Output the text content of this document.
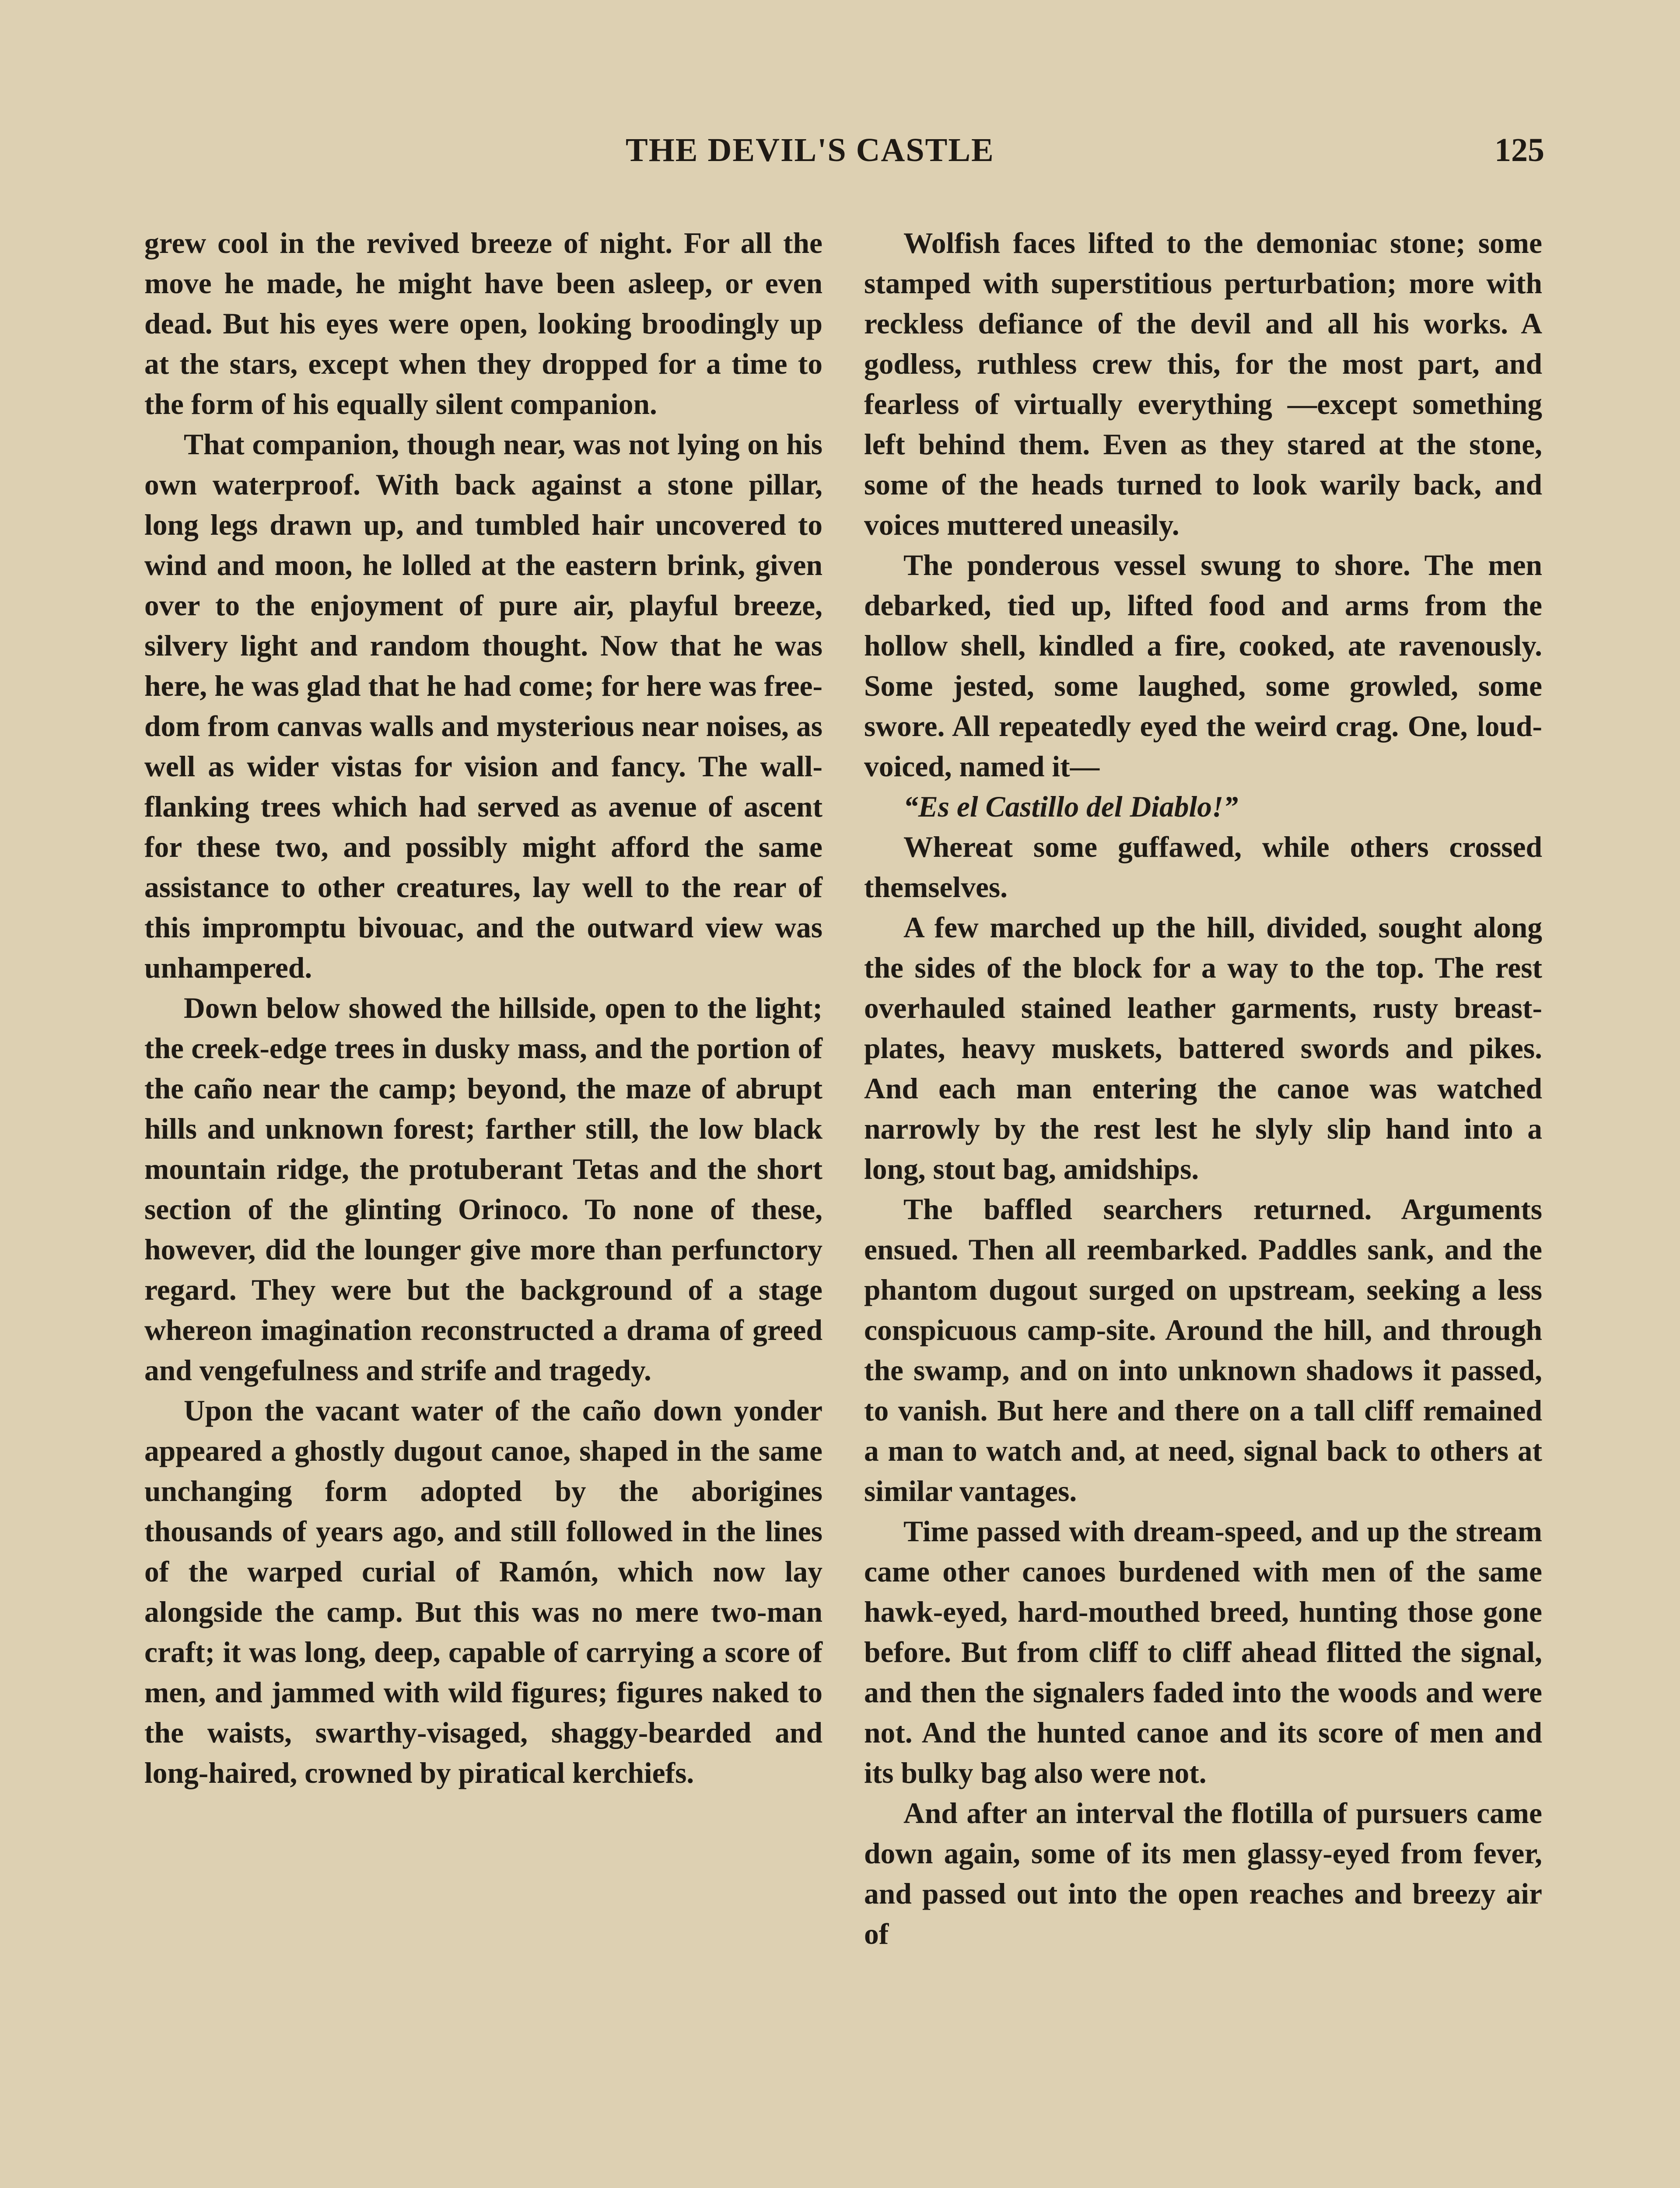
THE DEVIL'S CASTLE	125

grew cool in the revived breeze of night. For all the move he made, he might have been asleep, or even dead. But his eyes were open, looking broodingly up at the stars, except when they dropped for a time to the form of his equally silent companion.

That companion, though near, was not lying on his own waterproof. With back against a stone pillar, long legs drawn up, and tumbled hair uncovered to wind and moon, he lolled at the eastern brink, given over to the enjoyment of pure air, playful breeze, silvery light and random thought. Now that he was here, he was glad that he had come; for here was freedom from canvas walls and mysterious near noises, as well as wider vistas for vision and fancy. The wall-flanking trees which had served as avenue of ascent for these two, and possibly might afford the same assistance to other creatures, lay well to the rear of this impromptu bivouac, and the outward view was unhampered.

Down below showed the hillside, open to the light; the creek-edge trees in dusky mass, and the portion of the caño near the camp; beyond, the maze of abrupt hills and unknown forest; farther still, the low black mountain ridge, the protuberant Tetas and the short section of the glinting Orinoco. To none of these, however, did the lounger give more than perfunctory regard. They were but the background of a stage whereon imagination reconstructed a drama of greed and vengefulness and strife and tragedy.

Upon the vacant water of the caño down yonder appeared a ghostly dugout canoe, shaped in the same unchanging form adopted by the aborigines thousands of years ago, and still followed in the lines of the warped curial of Ramón, which now lay alongside the camp. But this was no mere two-man craft; it was long, deep, capable of carrying a score of men, and jammed with wild figures; figures naked to the waists, swarthy-visaged, shaggy-bearded and long-haired, crowned by piratical kerchiefs.

Wolfish faces lifted to the demoniac stone; some stamped with superstitious perturbation; more with reckless defiance of the devil and all his works. A godless, ruthless crew this, for the most part, and fearless of virtually everything —except something left behind them. Even as they stared at the stone, some of the heads turned to look warily back, and voices muttered uneasily.

The ponderous vessel swung to shore. The men debarked, tied up, lifted food and arms from the hollow shell, kindled a fire, cooked, ate ravenously. Some jested, some laughed, some growled, some swore. All repeatedly eyed the weird crag. One, loud-voiced, named it—

“Es el Castillo del Diablo!”

Whereat some guffawed, while others crossed themselves.

A few marched up the hill, divided, sought along the sides of the block for a way to the top. The rest overhauled stained leather garments, rusty breastplates, heavy muskets, battered swords and pikes. And each man entering the canoe was watched narrowly by the rest lest he slyly slip hand into a long, stout bag, amidships.

The baffled searchers returned. Arguments ensued. Then all reembarked. Paddles sank, and the phantom dugout surged on upstream, seeking a less conspicuous camp-site. Around the hill, and through the swamp, and on into unknown shadows it passed, to vanish. But here and there on a tall cliff remained a man to watch and, at need, signal back to others at similar vantages.

Time passed with dream-speed, and up the stream came other canoes burdened with men of the same hawk-eyed, hard-mouthed breed, hunting those gone before. But from cliff to cliff ahead flitted the signal, and then the signalers faded into the woods and were not. And the hunted canoe and its score of men and its bulky bag also were not.

And after an interval the flotilla of pursuers came down again, some of its men glassy-eyed from fever, and passed out into the open reaches and breezy air of
